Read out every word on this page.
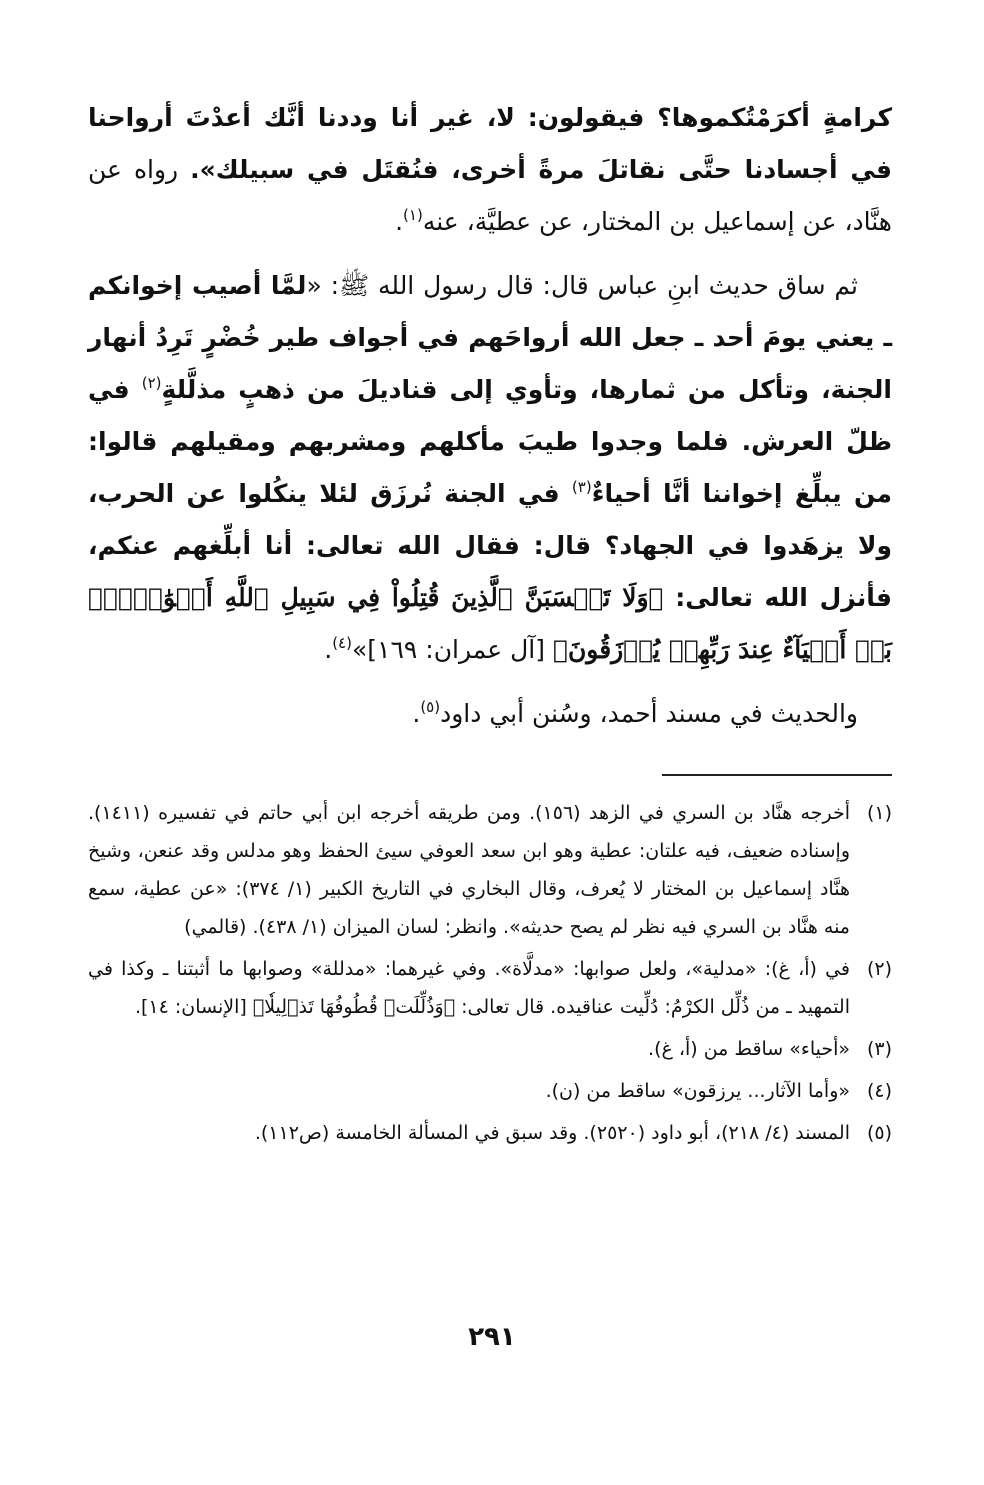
كرامةٍ أكرَمْتُكموها؟ فيقولون: لا، غير أنا وددنا أنَّك أعدْتَ أرواحنا في أجسادنا حتَّى نقاتلَ مرةً أخرى، فنُقتَل في سبيلك». رواه عن هنَّاد، عن إسماعيل بن المختار، عن عطيَّة، عنه$^{(١)}$.

ثم ساق حديث ابنِ عباس قال: قال رسول الله ﷺ: «لمَّا أصيب إخوانكم ـ يعني يومَ أحد ـ جعل الله أرواحَهم في أجواف طير خُضْرٍ تَرِدُ أنهار الجنة، وتأكل من ثمارها، وتأوي إلى قناديلَ من ذهبٍ مذلَّلةٍ$^{(٢)}$ في ظلّ العرش. فلما وجدوا طيبَ مأكلهم ومشربهم ومقيلهم قالوا: من يبلِّغ إخواننا أنَّا أحياءٌ$^{(٣)}$ في الجنة نُرزَق لئلا ينكُلوا عن الحرب، ولا يزهَدوا في الجهاد؟ قال: فقال الله تعالى: أنا أبلِّغهم عنكم، فأنزل الله تعالى: ﴿وَلَا تَحۡسَبَنَّ ٱلَّذِينَ قُتِلُواْ فِي سَبِيلِ ٱللَّهِ أَمۡوَٰتَۢاۚ بَلۡ أَحۡيَآءٌ عِندَ رَبِّهِمۡ يُرۡزَقُونَ﴾ [آل عمران: ١٦٩]»$^{(٤)}$.

والحديث في مسند أحمد، وسُنن أبي داود$^{(٥)}$.

(١)
أخرجه هنَّاد بن السري في الزهد (١٥٦). ومن طريقه أخرجه ابن أبي حاتم في تفسيره (١٤١١). وإسناده ضعيف، فيه علتان: عطية وهو ابن سعد العوفي سيئ الحفظ وهو مدلس وقد عنعن، وشيخ هنَّاد إسماعيل بن المختار لا يُعرف، وقال البخاري في التاريخ الكبير (١/ ٣٧٤): «عن عطية، سمع منه هنَّاد بن السري فيه نظر لم يصح حديثه». وانظر: لسان الميزان (١/ ٤٣٨). (قالمي)
(٢)
في (أ، غ): «مدلية»، ولعل صوابها: «مدلَّاة». وفي غيرهما: «مدللة» وصوابها ما أثبتنا ـ وكذا في التمهيد ـ من ذُلِّل الكرْمُ: دُلِّيت عناقيده. قال تعالى: ﴿وَذُلِّلَتۡ قُطُوفُهَا تَذۡلِيلٗا﴾ [الإنسان: ١٤].
(٣)
«أحياء» ساقط من (أ، غ).
(٤)
«وأما الآثار... يرزقون» ساقط من (ن).
(٥)
المسند (٤/ ٢١٨)، أبو داود (٢٥٢٠). وقد سبق في المسألة الخامسة (ص١١٢).
٢٩١
